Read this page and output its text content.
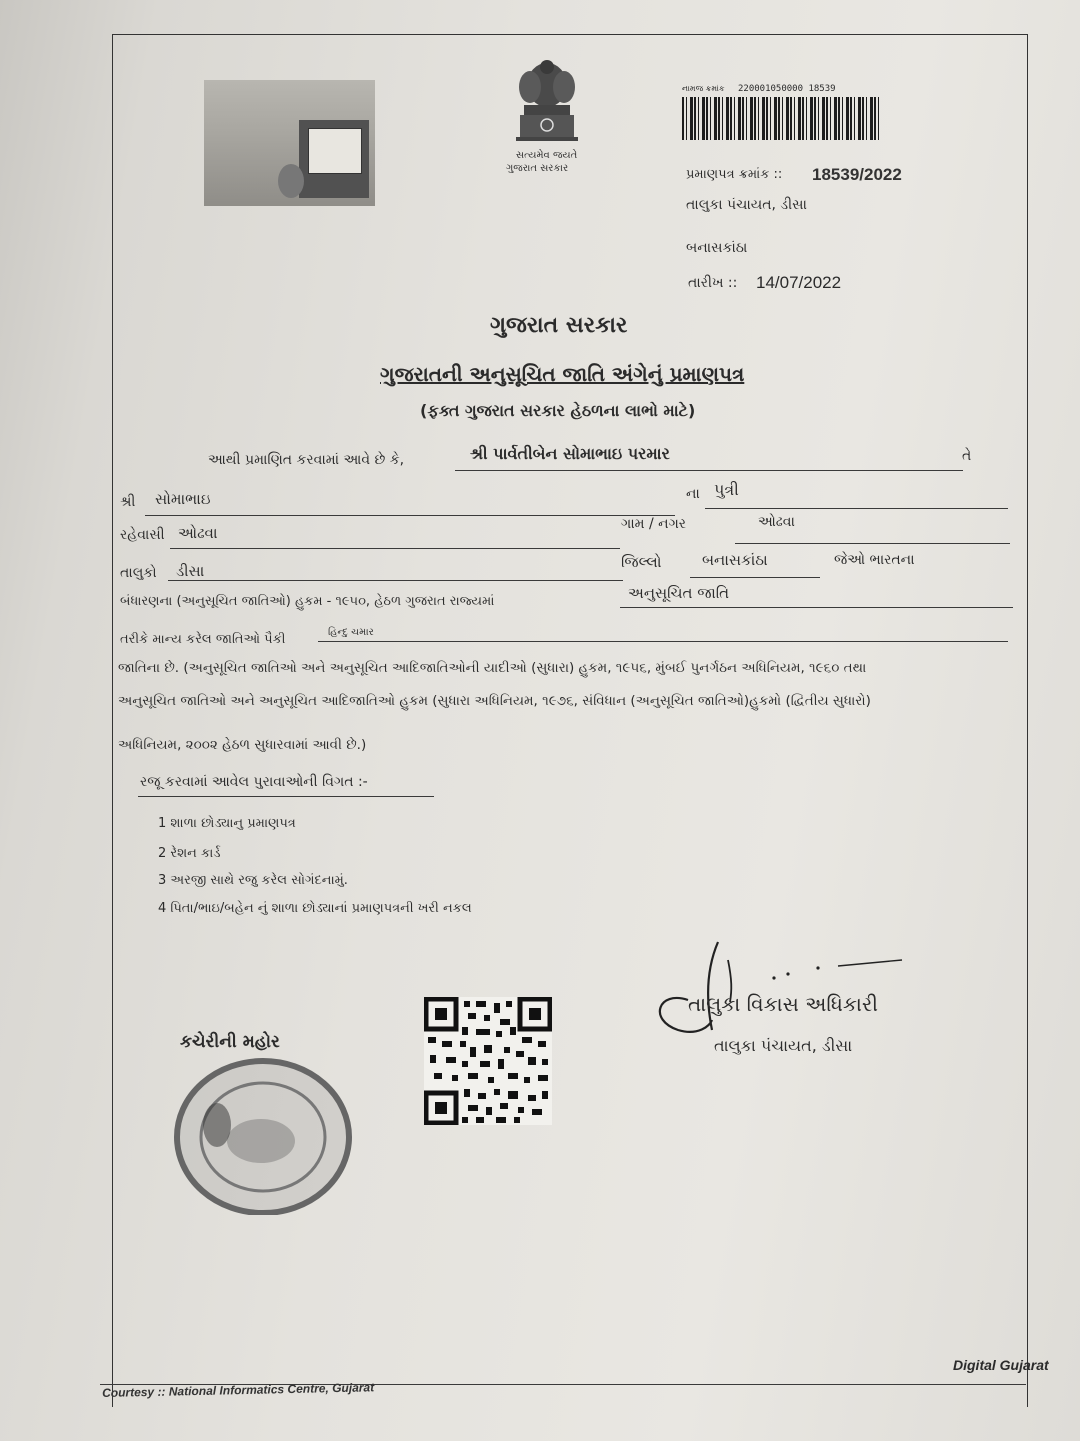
સત્યમેવ જયતે
ગુજરાત સરકાર
નામજ ક્રમાંક 220001050000 18539
પ્રમાણપત્ર ક્રમાંક :: 18539/2022
તાલુકા પંચાયત, ડીસા
બનાસકાંઠા
તારીખ :: 14/07/2022
ગુજરાત સરકાર
ગુજરાતની અનુસૂચિત જાતિ અંગેનું પ્રમાણપત્ર
(ફક્ત ગુજરાત સરકાર હેઠળના લાભો માટે)
આથી પ્રમાણિત કરવામાં આવે છે કે,	શ્રી પાર્વતીબેન સોમાભાઇ પરમાર	તે
શ્રી સોમાભાઇ	ના પુત્રી
ગામ / નગર	ઓઢવા
રહેવાસી ઓઢવા
તાલુકો ડીસા	જિલ્લો	બનાસકાંઠા	જેઓ ભારતના
બંધારણના (અનુસૂચિત જાતિઓ) હુકમ - ૧૯૫૦, હેઠળ ગુજરાત રાજ્યમાં	અનુસૂચિત જાતિ
તરીકે માન્ય કરેલ જાતિઓ પૈકી	હિન્દુ ચમાર
જાતિના છે. (અનુસૂચિત જાતિઓ અને અનુસૂચિત આદિજાતિઓની યાદીઓ (સુધારા) હુકમ, ૧૯૫૬, મુંબઈ પુનર્ગઠન અધિનિયમ, ૧૯૬૦ તથા
અનુસૂચિત જાતિઓ અને અનુસૂચિત આદિજાતિઓ હુકમ (સુધારા અધિનિયમ, ૧૯૭૬, સંવિધાન (અનુસૂચિત જાતિઓ)હુકમો (દ્વિતીય સુધારો)
અધિનિયમ, ૨૦૦૨ હેઠળ સુધારવામાં આવી છે.)
રજૂ કરવામાં આવેલ પુરાવાઓની વિગત :-
1 શાળા છોડ્યાનુ પ્રમાણપત્ર
2 રેશન કાર્ડ
3 અરજી સાથે રજુ કરેલ સોગંદનામું.
4 પિતા/ભાઇ/બહેન નું શાળા છોડ્યાનાં પ્રમાણપત્રની ખરી નકલ
તાલુકા વિકાસ અધિકારી
તાલુકા પંચાયત, ડીસા
કચેરીની મહોર
Digital Gujarat
Courtesy :: National Informatics Centre, Gujarat
